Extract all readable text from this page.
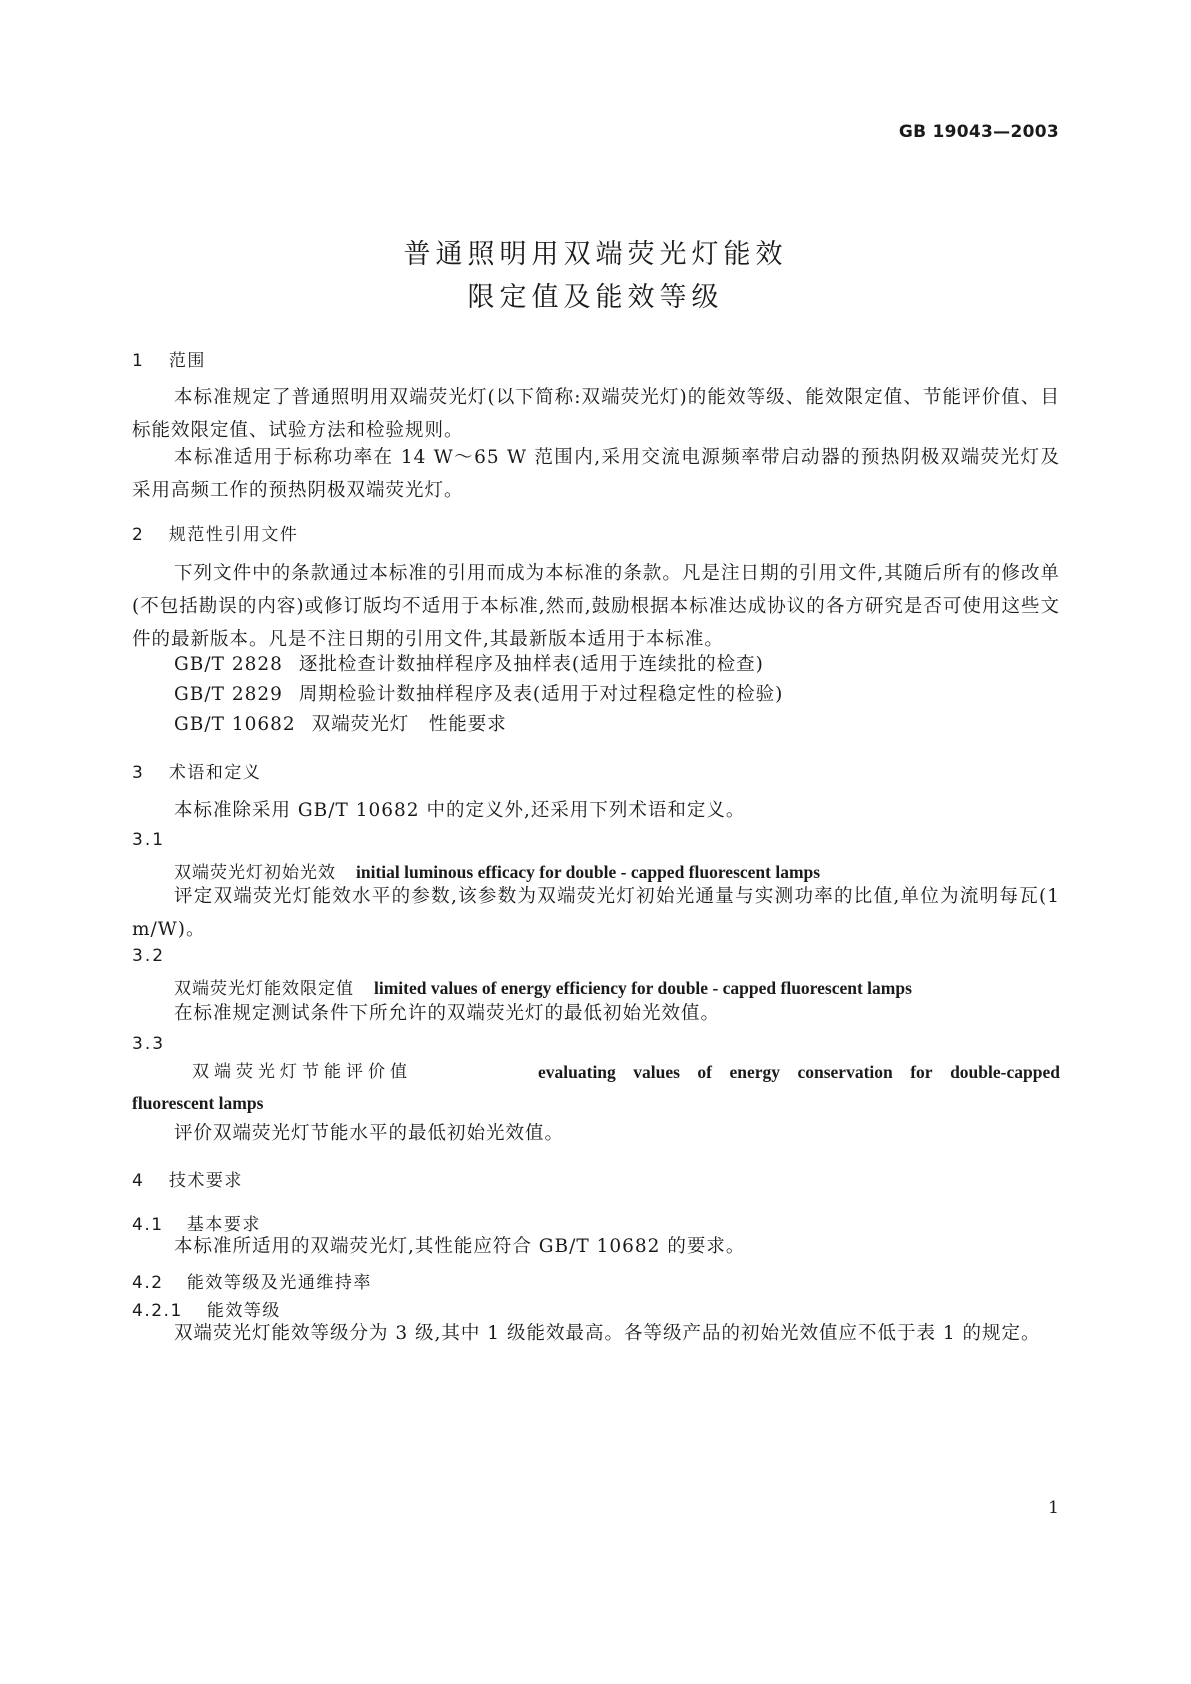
GB 19043—2003
普通照明用双端荧光灯能效
限定值及能效等级
1 范围
本标准规定了普通照明用双端荧光灯(以下简称:双端荧光灯)的能效等级、能效限定值、节能评价值、目标能效限定值、试验方法和检验规则。
本标准适用于标称功率在 14 W～65 W 范围内,采用交流电源频率带启动器的预热阴极双端荧光灯及采用高频工作的预热阴极双端荧光灯。
2 规范性引用文件
下列文件中的条款通过本标准的引用而成为本标准的条款。凡是注日期的引用文件,其随后所有的修改单(不包括勘误的内容)或修订版均不适用于本标准,然而,鼓励根据本标准达成协议的各方研究是否可使用这些文件的最新版本。凡是不注日期的引用文件,其最新版本适用于本标准。
GB/T 2828 逐批检查计数抽样程序及抽样表(适用于连续批的检查)
GB/T 2829 周期检验计数抽样程序及表(适用于对过程稳定性的检验)
GB/T 10682 双端荧光灯　性能要求
3 术语和定义
本标准除采用 GB/T 10682 中的定义外,还采用下列术语和定义。
3.1
双端荧光灯初始光效 initial luminous efficacy for double - capped fluorescent lamps
评定双端荧光灯能效水平的参数,该参数为双端荧光灯初始光通量与实测功率的比值,单位为流明每瓦(1 m/W)。
3.2
双端荧光灯能效限定值 limited values of energy efficiency for double - capped fluorescent lamps
在标准规定测试条件下所允许的双端荧光灯的最低初始光效值。
3.3
双端荧光灯节能评价值	evaluating values of energy conservation for double-capped
fluorescent lamps
评价双端荧光灯节能水平的最低初始光效值。
4 技术要求
4.1 基本要求
本标准所适用的双端荧光灯,其性能应符合 GB/T 10682 的要求。
4.2 能效等级及光通维持率
4.2.1 能效等级
双端荧光灯能效等级分为 3 级,其中 1 级能效最高。各等级产品的初始光效值应不低于表 1 的规定。
1
